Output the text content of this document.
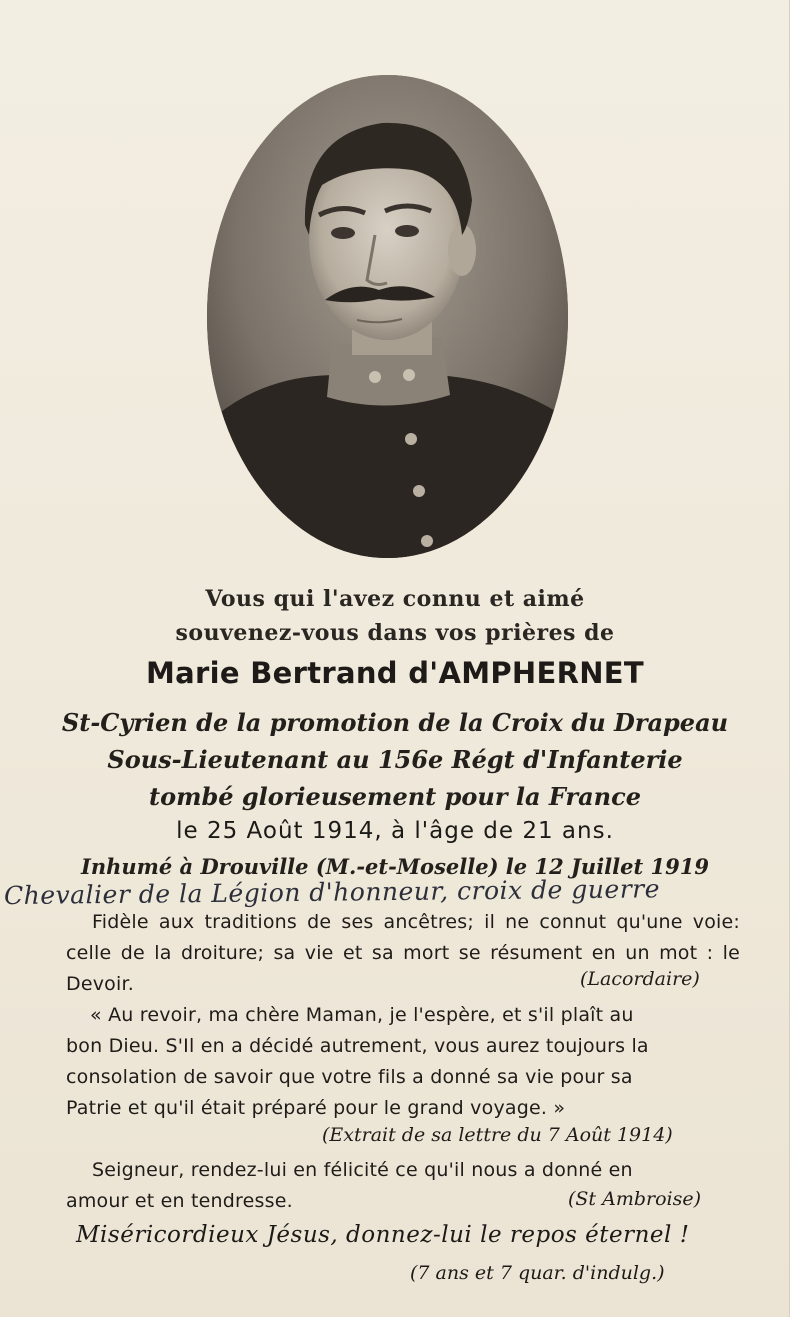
Vous qui l'avez connu et aimé
souvenez-vous dans vos prières de
Marie Bertrand d'AMPHERNET
St-Cyrien de la promotion de la Croix du Drapeau
Sous-Lieutenant au 156e Régt d'Infanterie
tombé glorieusement pour la France
le 25 Août 1914, à l'âge de 21 ans.
Inhumé à Drouville (M.-et-Moselle) le 12 Juillet 1919
Chevalier de la Légion d'honneur, croix de guerre
Fidèle aux traditions de ses ancêtres; il ne connut qu'une voie: celle de la droiture; sa vie et sa mort se résument en un mot : le Devoir.	(Lacordaire)
« Au revoir, ma chère Maman, je l'espère, et s'il plaît au
bon Dieu. S'Il en a décidé autrement, vous aurez toujours la
consolation de savoir que votre fils a donné sa vie pour sa
Patrie et qu'il était préparé pour le grand voyage. »
(Extrait de sa lettre du 7 Août 1914)
Seigneur, rendez-lui en félicité ce qu'il nous a donné en
amour et en tendresse.	(St Ambroise)
Miséricordieux Jésus, donnez-lui le repos éternel !
(7 ans et 7 quar. d'indulg.)
